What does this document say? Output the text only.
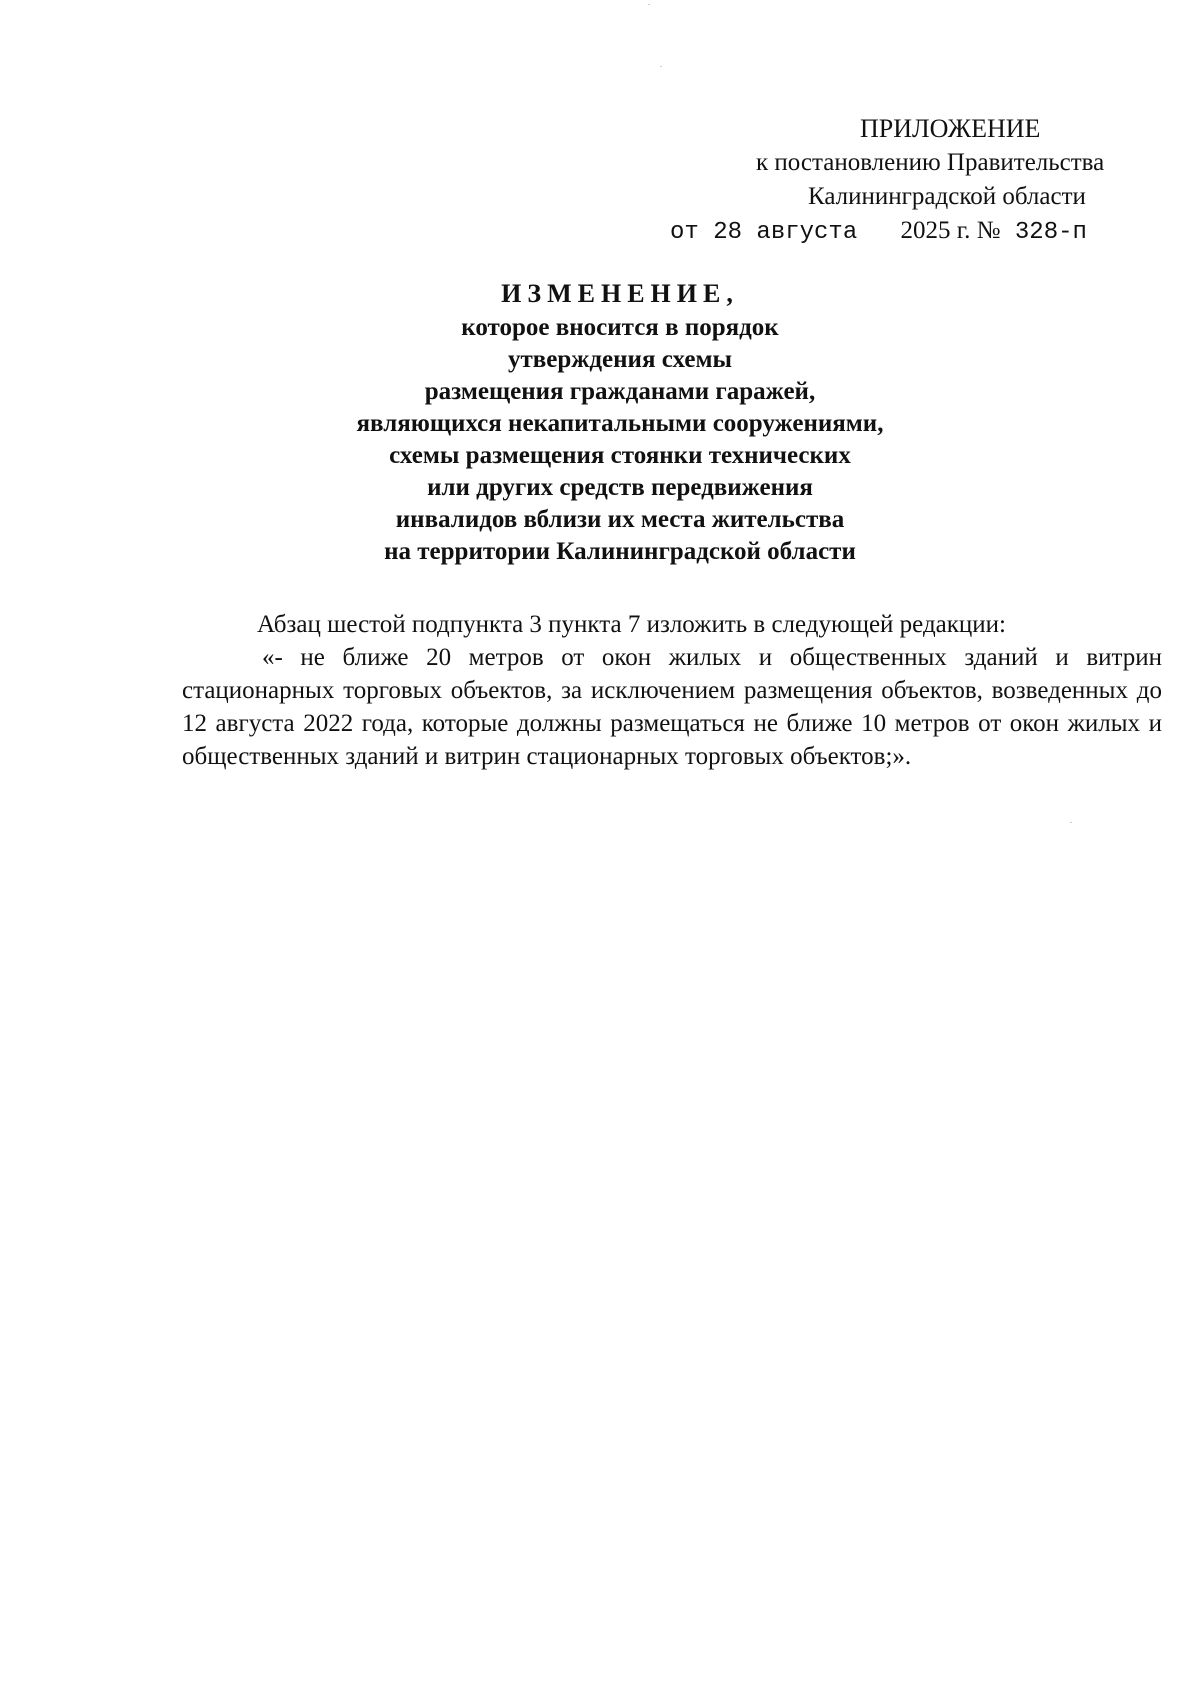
ПРИЛОЖЕНИЕ
к постановлению Правительства
Калининградской области
от 28 августа 2025 г. № 328-п
ИЗМЕНЕНИЕ,
которое вносится в порядок
утверждения схемы
размещения гражданами гаражей,
являющихся некапитальными сооружениями,
схемы размещения стоянки технических
или других средств передвижения
инвалидов вблизи их места жительства
на территории Калининградской области

Абзац шестой подпункта 3 пункта 7 изложить в следующей редакции:

«- не ближе 20 метров от окон жилых и общественных зданий и витрин стационарных торговых объектов, за исключением размещения объектов, возведенных до 12 августа 2022 года, которые должны размещаться не ближе 10 метров от окон жилых и общественных зданий и витрин стационарных торговых объектов;».
